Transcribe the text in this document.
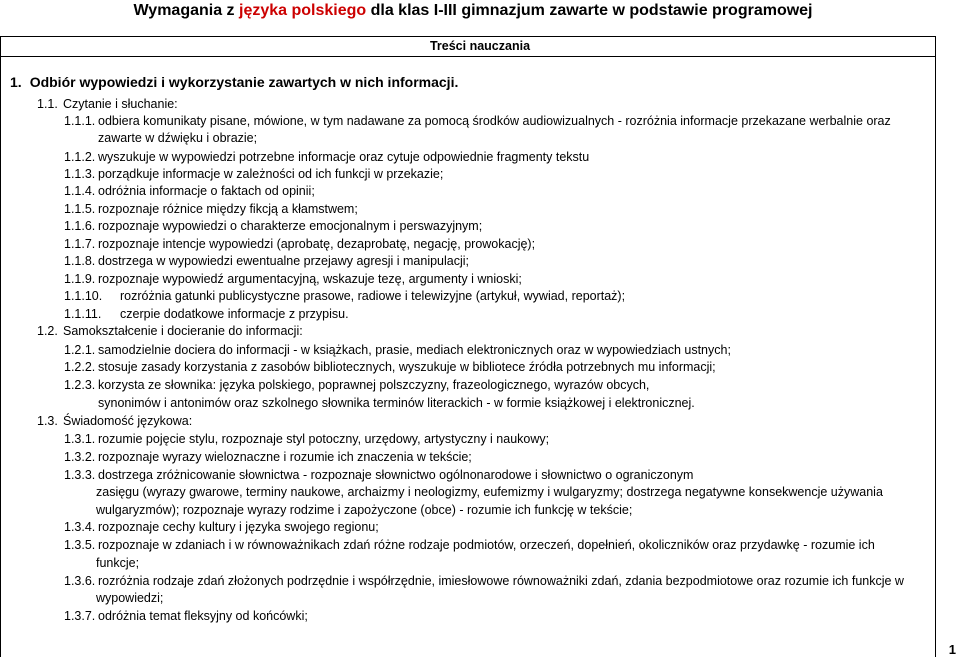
Wymagania z języka polskiego dla klas I-III gimnazjum zawarte w podstawie programowej
Treści nauczania
1. Odbiór wypowiedzi i wykorzystanie zawartych w nich informacji.
1.1. Czytanie i słuchanie:
1.1.1. odbiera komunikaty pisane, mówione, w tym nadawane za pomocą środków audiowizualnych - rozróżnia informacje przekazane werbalnie oraz
zawarte w dźwięku i obrazie;
1.1.2. wyszukuje w wypowiedzi potrzebne informacje oraz cytuje odpowiednie fragmenty tekstu
1.1.3. porządkuje informacje w zależności od ich funkcji w przekazie;
1.1.4. odróżnia informacje o faktach od opinii;
1.1.5. rozpoznaje różnice między fikcją a kłamstwem;
1.1.6. rozpoznaje wypowiedzi o charakterze emocjonalnym i perswazyjnym;
1.1.7. rozpoznaje intencje wypowiedzi (aprobatę, dezaprobatę, negację, prowokację);
1.1.8. dostrzega w wypowiedzi ewentualne przejawy agresji i manipulacji;
1.1.9. rozpoznaje wypowiedź argumentacyjną, wskazuje tezę, argumenty i wnioski;
1.1.10. rozróżnia gatunki publicystyczne prasowe, radiowe i telewizyjne (artykuł, wywiad, reportaż);
1.1.11. czerpie dodatkowe informacje z przypisu.
1.2. Samokształcenie i docieranie do informacji:
1.2.1. samodzielnie dociera do informacji - w książkach, prasie, mediach elektronicznych oraz w wypowiedziach ustnych;
1.2.2. stosuje zasady korzystania z zasobów bibliotecznych, wyszukuje w bibliotece źródła potrzebnych mu informacji;
1.2.3. korzysta ze słownika: języka polskiego, poprawnej polszczyzny, frazeologicznego, wyrazów obcych,
synonimów i antonimów oraz szkolnego słownika terminów literackich - w formie książkowej i elektronicznej.
1.3. Świadomość językowa:
1.3.1. rozumie pojęcie stylu, rozpoznaje styl potoczny, urzędowy, artystyczny i naukowy;
1.3.2. rozpoznaje wyrazy wieloznaczne i rozumie ich znaczenia w tekście;
1.3.3. dostrzega zróżnicowanie słownictwa - rozpoznaje słownictwo ogólnonarodowe i słownictwo o ograniczonym
zasięgu (wyrazy gwarowe, terminy naukowe, archaizmy i neologizmy, eufemizmy i wulgaryzmy; dostrzega negatywne konsekwencje używania
wulgaryzmów); rozpoznaje wyrazy rodzime i zapożyczone (obce) - rozumie ich funkcję w tekście;
1.3.4. rozpoznaje cechy kultury i języka swojego regionu;
1.3.5. rozpoznaje w zdaniach i w równoważnikach zdań różne rodzaje podmiotów, orzeczeń, dopełnień, okoliczników oraz przydawkę - rozumie ich
funkcje;
1.3.6. rozróżnia rodzaje zdań złożonych podrzędnie i współrzędnie, imiesłowowe równoważniki zdań, zdania bezpodmiotowe oraz rozumie ich funkcje w
wypowiedzi;
1.3.7. odróżnia temat fleksyjny od końcówki;
1
